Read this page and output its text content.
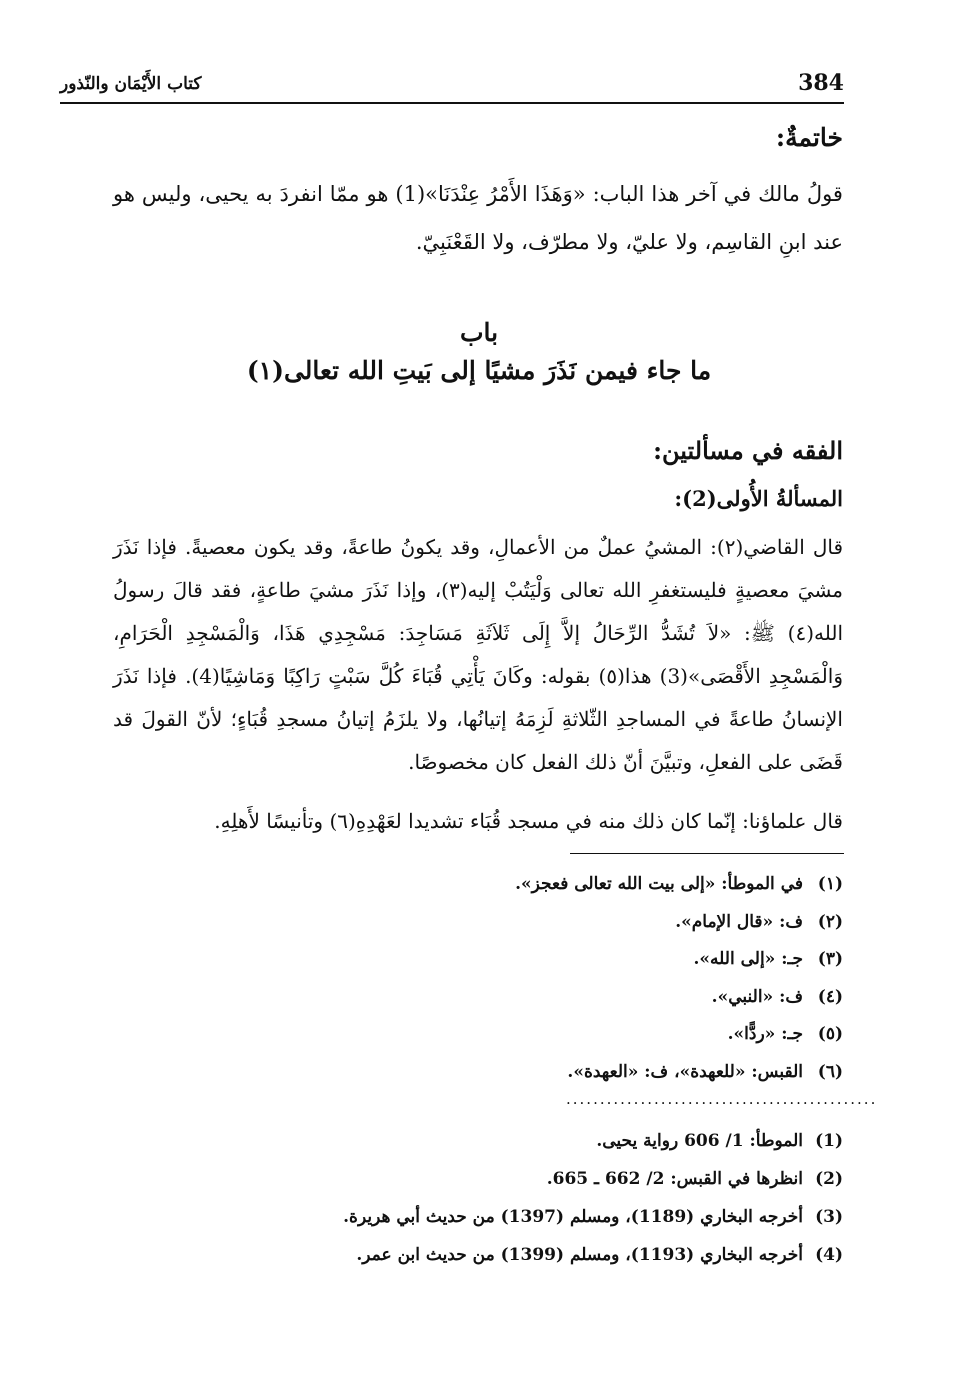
384
كتاب الأَيْمَان والنّذور
خاتمةٌ:
قولُ مالك في آخر هذا الباب: «وَهَذَا الأَمْرُ عِنْدَنَا»(1) هو ممّا انفردَ به يحيى، وليس هو عند ابنِ القاسِم، ولا عليّ، ولا مطرّف، ولا القَعْنَبِيّ.
باب
ما جاء فيمن نَذَرَ مشيًا إلى بَيتِ الله تعالى(١)
الفقه في مسألتين:
المسألةُ الأُولى(2):
قال القاضي(٢): المشيُ عملٌ من الأعمالِ، وقد يكونُ طاعةً، وقد يكون معصيةً. فإذا نَذَرَ مشيَ معصيةٍ فليستغفرِ الله تعالى وَلْيَتُبْ إليه(٣)، وإذا نَذَرَ مشيَ طاعةٍ، فقد قالَ رسولُ الله(٤) ﷺ: «لاَ تُشَدُّ الرِّحَالُ إلاَّ إِلَى ثَلاَثَةِ مَسَاجِدَ: مَسْجِدِي هَذَا، وَالْمَسْجِدِ الْحَرَامِ، وَالْمَسْجِدِ الأَقْصَى»(3) هذا(٥) بقوله: وكَانَ يَأْتِي قُبَاءَ كُلَّ سَبْتٍ رَاكِبًا وَمَاشِيًا(4). فإذا نَذَرَ الإنسانُ طاعةً في المساجدِ الثّلاثةِ لَزِمَهُ إتيانُها، ولا يلزَمُ إتيانُ مسجدِ قُبَاءٍ؛ لأنّ القولَ قد قَضَى على الفعلِ، وتبيَّنَ أنّ ذلك الفعل كان مخصوصًا.
قال علماؤنا: إنّما كان ذلك منه في مسجد قُبَاء تشديدا لعَهْدِهِ(٦) وتأنيسًا لأَهلِهِ.
(١)في الموطأ: «إلى بيت الله تعالى فعجز».
(٢)ف: «قال الإمام».
(٣)جـ: «إلى الله».
(٤)ف: «النبي».
(٥)جـ: «ردًّا».
(٦)القبس: «للعهدة»، ف: «العهدة».
..............................................
(1)الموطأ: 1/ 606 رواية يحيى.
(2)انظرها في القبس: 2/ 662 ـ 665.
(3)أخرجه البخاري (1189)، ومسلم (1397) من حديث أبي هريرة.
(4)أخرجه البخاري (1193)، ومسلم (1399) من حديث ابن عمر.
